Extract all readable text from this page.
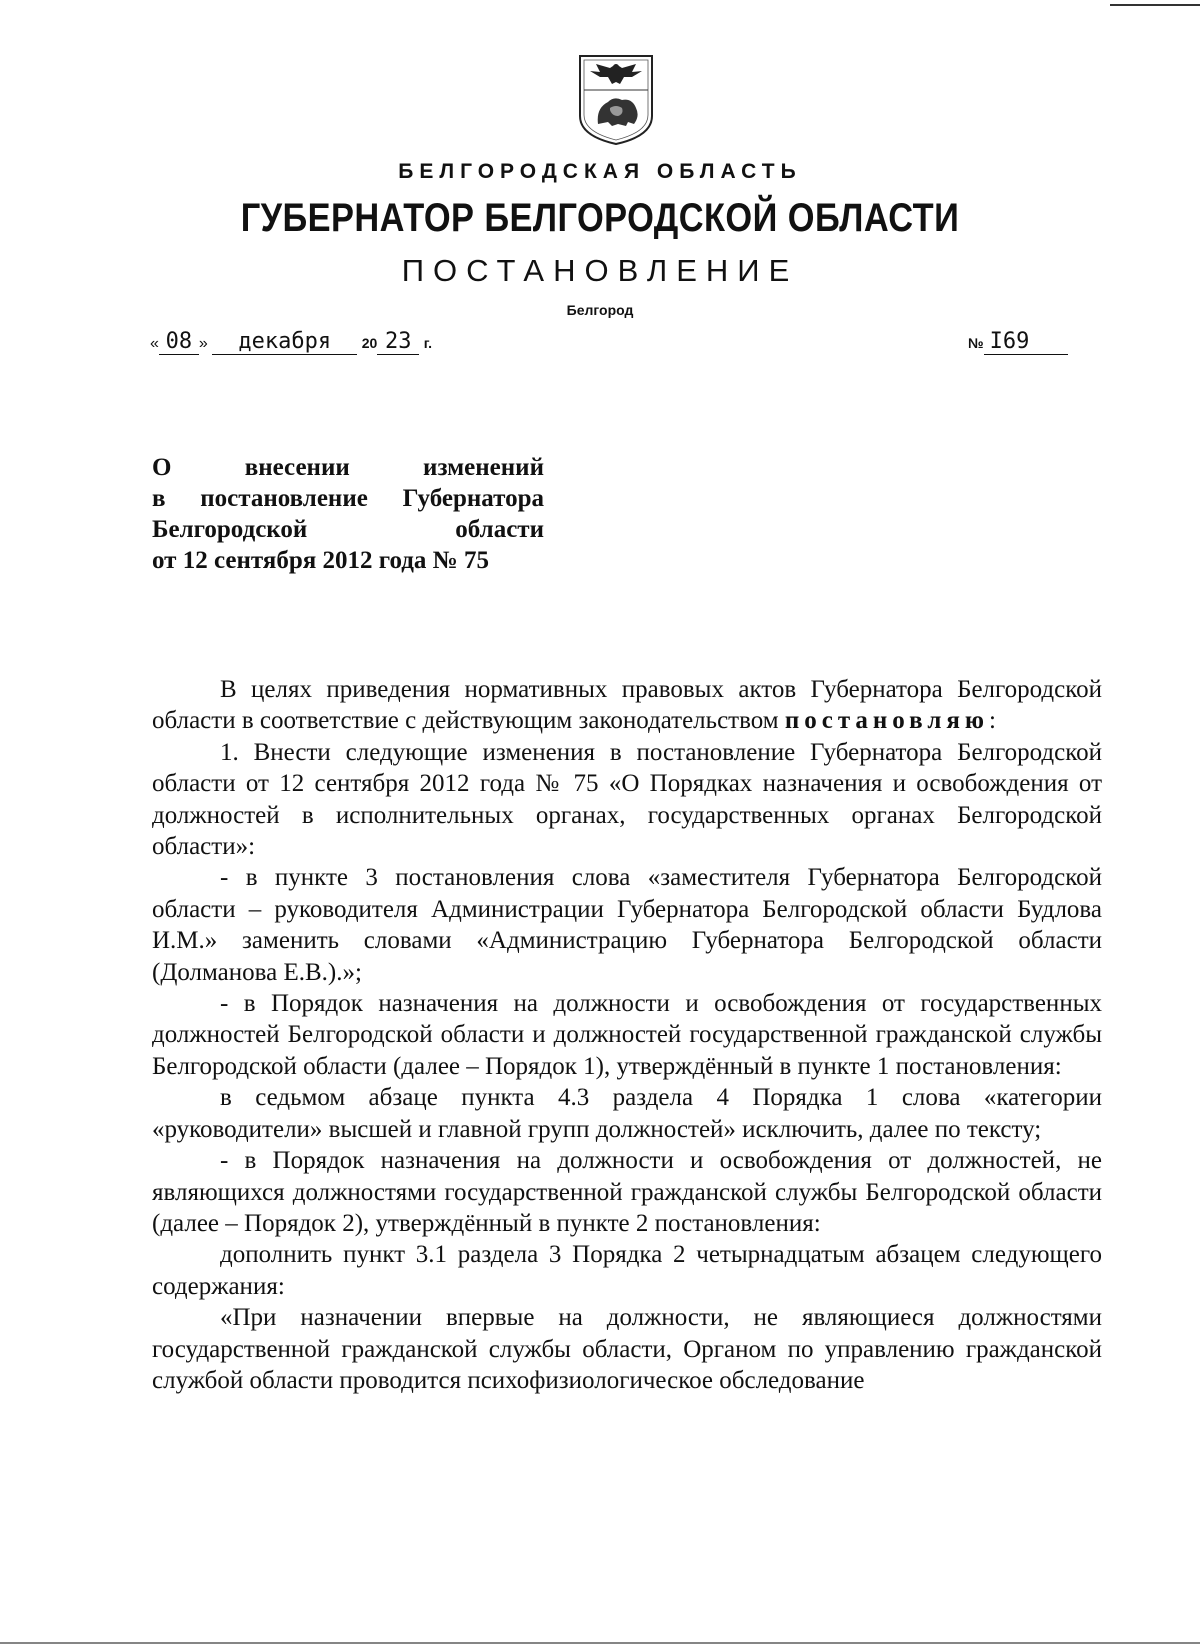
БЕЛГОРОДСКАЯ ОБЛАСТЬ
ГУБЕРНАТОР БЕЛГОРОДСКОЙ ОБЛАСТИ
ПОСТАНОВЛЕНИЕ
Белгород
« 08 » декабря 20 23 г.	№ I69
О внесении изменений
в постановление Губернатора
Белгородской области
от 12 сентября 2012 года № 75

В целях приведения нормативных правовых актов Губернатора Белгородской области в соответствие с действующим законодательством постановляю:

1. Внести следующие изменения в постановление Губернатора Белгородской области от 12 сентября 2012 года № 75 «О Порядках назначения и освобождения от должностей в исполнительных органах, государственных органах Белгородской области»:

- в пункте 3 постановления слова «заместителя Губернатора Белгородской области – руководителя Администрации Губернатора Белгородской области Будлова И.М.» заменить словами «Администрацию Губернатора Белгородской области (Долманова Е.В.).»;

- в Порядок назначения на должности и освобождения от государственных должностей Белгородской области и должностей государственной гражданской службы Белгородской области (далее – Порядок 1), утверждённый в пункте 1 постановления:

в седьмом абзаце пункта 4.3 раздела 4 Порядка 1 слова «категории «руководители» высшей и главной групп должностей» исключить, далее по тексту;

- в Порядок назначения на должности и освобождения от должностей, не являющихся должностями государственной гражданской службы Белгородской области (далее – Порядок 2), утверждённый в пункте 2 постановления:

дополнить пункт 3.1 раздела 3 Порядка 2 четырнадцатым абзацем следующего содержания:

«При назначении впервые на должности, не являющиеся должностями государственной гражданской службы области, Органом по управлению гражданской службой области проводится психофизиологическое обследование
